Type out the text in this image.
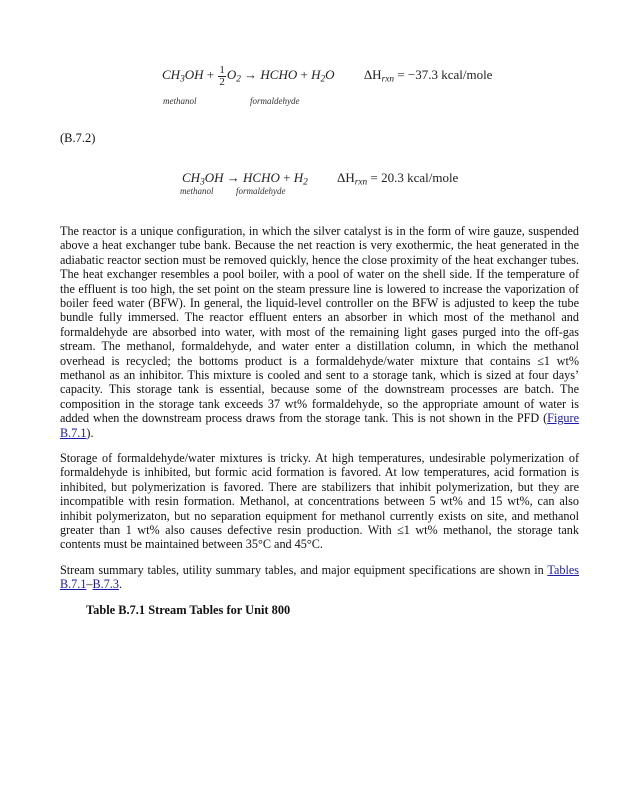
$CH_3OH + \frac{1}{2} O_2$ → HCHO + $H_2O$ $\Delta H_{rxn} = -37.3$ kcal/mole
methanol	formaldehyde
(B.7.2)
$CH_3OH$ → HCHO + $H_2$ $\Delta H_{rxn} = 20.3$ kcal/mole
methanol	formaldehyde

The reactor is a unique configuration, in which the silver catalyst is in the form of wire gauze, suspended above a heat exchanger tube bank. Because the net reaction is very exothermic, the heat generated in the adiabatic reactor section must be removed quickly, hence the close proximity of the heat exchanger tubes. The heat exchanger resembles a pool boiler, with a pool of water on the shell side. If the temperature of the effluent is too high, the set point on the steam pressure line is lowered to increase the vaporization of boiler feed water (BFW). In general, the liquid-level controller on the BFW is adjusted to keep the tube bundle fully immersed. The reactor effluent enters an absorber in which most of the methanol and formaldehyde are absorbed into water, with most of the remaining light gases purged into the off-gas stream. The methanol, formaldehyde, and water enter a distillation column, in which the methanol overhead is recycled; the bottoms product is a formaldehyde/water mixture that contains ≤1 wt% methanol as an inhibitor. This mixture is cooled and sent to a storage tank, which is sized at four days’ capacity. This storage tank is essential, because some of the downstream processes are batch. The composition in the storage tank exceeds 37 wt% formaldehyde, so the appropriate amount of water is added when the downstream process draws from the storage tank. This is not shown in the PFD (Figure B.7.1).

Storage of formaldehyde/water mixtures is tricky. At high temperatures, undesirable polymerization of formaldehyde is inhibited, but formic acid formation is favored. At low temperatures, acid formation is inhibited, but polymerization is favored. There are stabilizers that inhibit polymerization, but they are incompatible with resin formation. Methanol, at concentrations between 5 wt% and 15 wt%, can also inhibit polymerizaton, but no separation equipment for methanol currently exists on site, and methanol greater than 1 wt% also causes defective resin production. With ≤1 wt% methanol, the storage tank contents must be maintained between 35°C and 45°C.

Stream summary tables, utility summary tables, and major equipment specifications are shown in Tables B.7.1–B.7.3.

Table B.7.1 Stream Tables for Unit 800
